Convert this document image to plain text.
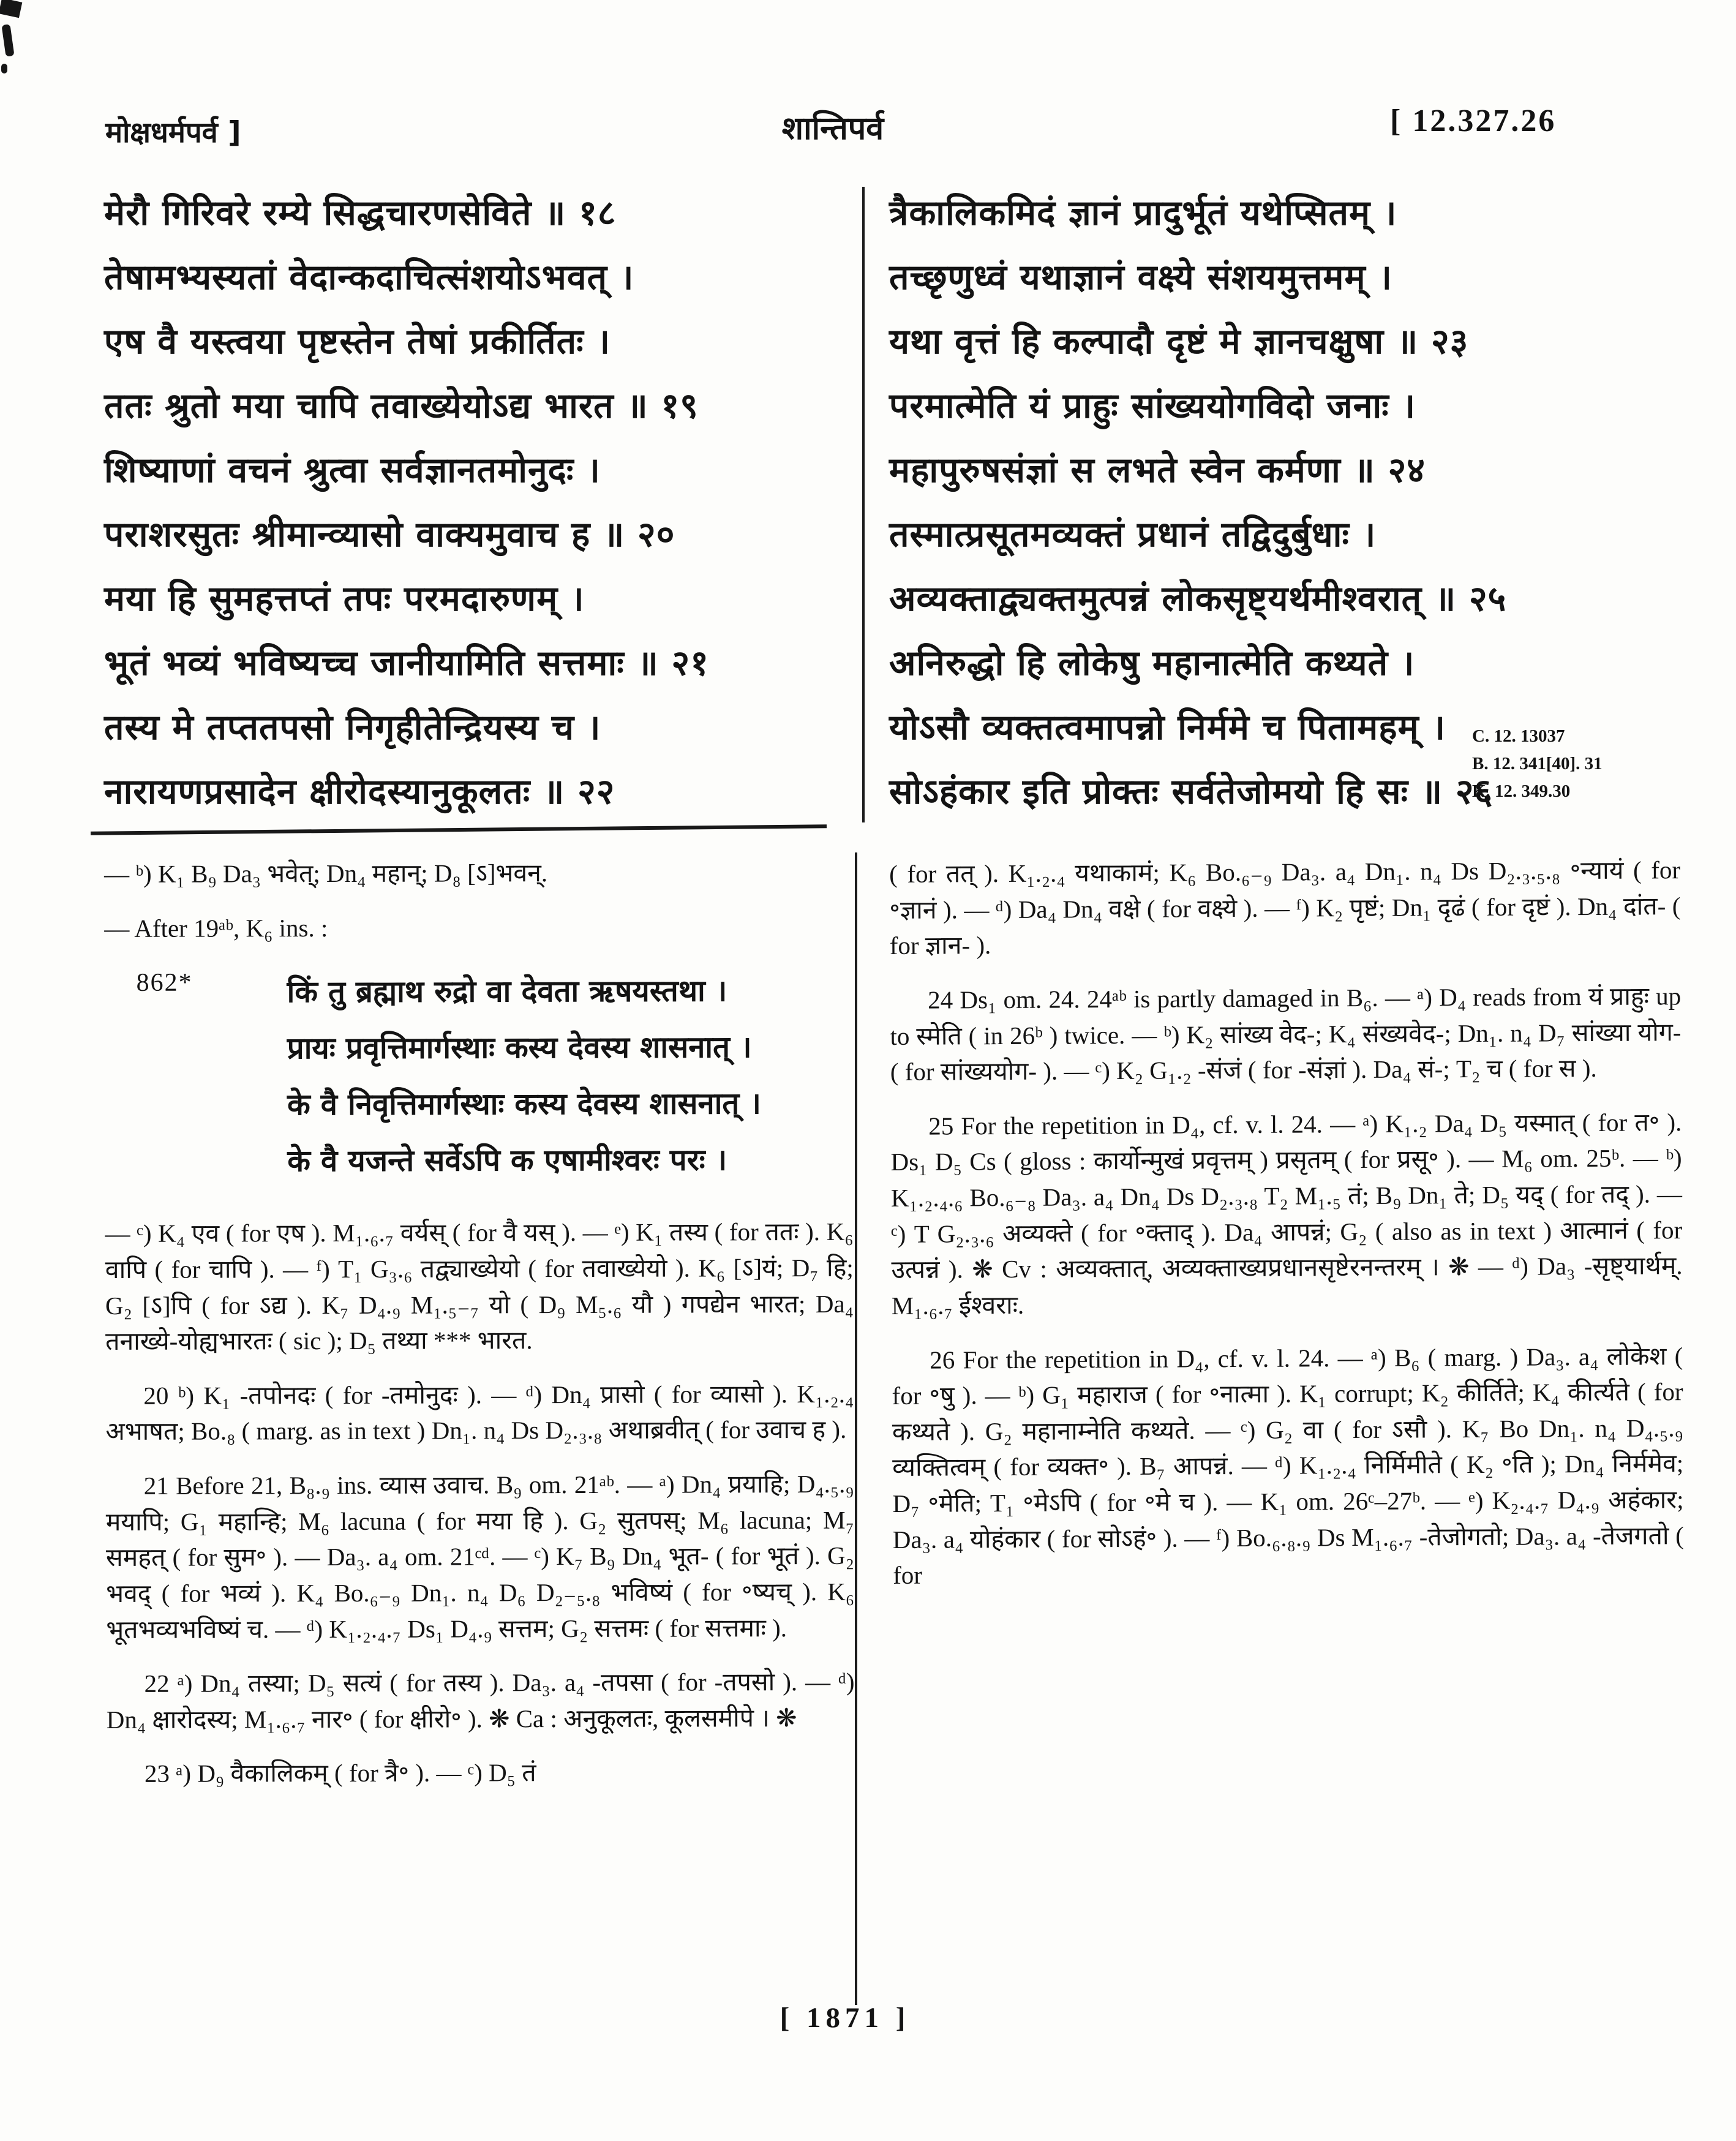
मोक्षधर्मपर्व ]	शान्तिपर्व	[ 12.327.26
मेरौ गिरिवरे रम्ये सिद्धचारणसेविते ॥ १८
तेषामभ्यस्यतां वेदान्कदाचित्संशयोऽभवत् ।
एष वै यस्त्वया पृष्टस्तेन तेषां प्रकीर्तितः ।
ततः श्रुतो मया चापि तवाख्येयोऽद्य भारत ॥ १९
शिष्याणां वचनं श्रुत्वा सर्वज्ञानतमोनुदः ।
पराशरसुतः श्रीमान्व्यासो वाक्यमुवाच ह ॥ २०
मया हि सुमहत्तप्तं तपः परमदारुणम् ।
भूतं भव्यं भविष्यच्च जानीयामिति सत्तमाः ॥ २१
तस्य मे तप्ततपसो निगृहीतेन्द्रियस्य च ।
नारायणप्रसादेन क्षीरोदस्यानुकूलतः ॥ २२
त्रैकालिकमिदं ज्ञानं प्रादुर्भूतं यथेप्सितम् ।
तच्छृणुध्वं यथाज्ञानं वक्ष्ये संशयमुत्तमम् ।
यथा वृत्तं हि कल्पादौ दृष्टं मे ज्ञानचक्षुषा ॥ २३
परमात्मेति यं प्राहुः सांख्ययोगविदो जनाः ।
महापुरुषसंज्ञां स लभते स्वेन कर्मणा ॥ २४
तस्मात्प्रसूतमव्यक्तं प्रधानं तद्विदुर्बुधाः ।
अव्यक्ताद्व्यक्तमुत्पन्नं लोकसृष्ट्यर्थमीश्वरात् ॥ २५
अनिरुद्धो हि लोकेषु महानात्मेति कथ्यते ।
योऽसौ व्यक्तत्वमापन्नो निर्ममे च पितामहम् ।
सोऽहंकार इति प्रोक्तः सर्वतेजोमयो हि सः ॥ २६
C. 12. 13037
B. 12. 341[40]. 31
K. 12. 349.30

— ᵇ) K₁ B₉ Da₃ भवेत्; Dn₄ महान्; D₈ [ऽ]भवन्.

— After 19ᵃᵇ, K₆ ins. :

862*	किं तु ब्रह्माथ रुद्रो वा देवता ऋषयस्तथा ।
प्रायः प्रवृत्तिमार्गस्थाः कस्य देवस्य शासनात् ।
के वै निवृत्तिमार्गस्थाः कस्य देवस्य शासनात् ।
के वै यजन्ते सर्वेऽपि क एषामीश्वरः परः ।

— ᶜ) K₄ एव ( for एष ). M₁.₆.₇ वर्यस् ( for वै यस् ). — ᵉ) K₁ तस्य ( for ततः ). K₆ वापि ( for चापि ). — ᶠ) T₁ G₃.₆ तद्व्याख्येयो ( for तवाख्येयो ). K₆ [ऽ]यं; D₇ हि; G₂ [ऽ]पि ( for ऽद्य ). K₇ D₄.₉ M₁.₅₋₇ यो ( D₉ M₅.₆ यौ ) गपद्येन भारत; Da₄ तनाख्ये-योह्यभारतः ( sic ); D₅ तथ्या *** भारत.

20 ᵇ) K₁ -तपोनदः ( for -तमोनुदः ). — ᵈ) Dn₄ प्रासो ( for व्यासो ). K₁.₂.₄ अभाषत; Bo.₈ ( marg. as in text ) Dn₁. n₄ Ds D₂.₃.₈ अथाब्रवीत् ( for उवाच ह ).

21 Before 21, B₈.₉ ins. व्यास उवाच. B₉ om. 21ᵃᵇ. — ᵃ) Dn₄ प्रयाहि; D₄.₅.₉ मयापि; G₁ महान्हि; M₆ lacuna ( for मया हि ). G₂ सुतपस्; M₆ lacuna; M₇ समहत् ( for सुम॰ ). — Da₃. a₄ om. 21ᶜᵈ. — ᶜ) K₇ B₉ Dn₄ भूत- ( for भूतं ). G₂ भवद् ( for भव्यं ). K₄ Bo.₆₋₉ Dn₁. n₄ D₆ D₂₋₅.₈ भविष्यं ( for ॰ष्यच् ). K₆ भूतभव्यभविष्यं च. — ᵈ) K₁.₂.₄.₇ Ds₁ D₄.₉ सत्तम; G₂ सत्तमः ( for सत्तमाः ).

22 ᵃ) Dn₄ तस्या; D₅ सत्यं ( for तस्य ). Da₃. a₄ -तपसा ( for -तपसो ). — ᵈ) Dn₄ क्षारोदस्य; M₁.₆.₇ नार॰ ( for क्षीरो॰ ). ❋ Ca : अनुकूलतः, कूलसमीपे । ❋

23 ᵃ) D₉ वैकालिकम् ( for त्रै॰ ). — ᶜ) D₅ तं

( for तत् ). K₁.₂.₄ यथाकामं; K₆ Bo.₆₋₉ Da₃. a₄ Dn₁. n₄ Ds D₂.₃.₅.₈ ॰न्यायं ( for ॰ज्ञानं ). — ᵈ) Da₄ Dn₄ वक्षे ( for वक्ष्ये ). — ᶠ) K₂ पृष्टं; Dn₁ दृढं ( for दृष्टं ). Dn₄ दांत- ( for ज्ञान- ).

24 Ds₁ om. 24. 24ᵃᵇ is partly damaged in B₆. — ᵃ) D₄ reads from यं प्राहुः up to स्मेति ( in 26ᵇ ) twice. — ᵇ) K₂ सांख्य वेद-; K₄ संख्यवेद-; Dn₁. n₄ D₇ सांख्या योग- ( for सांख्ययोग- ). — ᶜ) K₂ G₁.₂ -संजं ( for -संज्ञां ). Da₄ सं-; T₂ च ( for स ).

25 For the repetition in D₄, cf. v. l. 24. — ᵃ) K₁.₂ Da₄ D₅ यस्मात् ( for त॰ ). Ds₁ D₅ Cs ( gloss : कार्योन्मुखं प्रवृत्तम् ) प्रसृतम् ( for प्रसू॰ ). — M₆ om. 25ᵇ. — ᵇ) K₁.₂.₄.₆ Bo.₆₋₈ Da₃. a₄ Dn₄ Ds D₂.₃.₈ T₂ M₁.₅ तं; B₉ Dn₁ ते; D₅ यद् ( for तद् ). — ᶜ) T G₂.₃.₆ अव्यक्ते ( for ॰क्ताद् ). Da₄ आपन्नं; G₂ ( also as in text ) आत्मानं ( for उत्पन्नं ). ❋ Cv : अव्यक्तात्, अव्यक्ताख्यप्रधानसृष्टेरनन्तरम् । ❋ — ᵈ) Da₃ -सृष्ट्यार्थम्. M₁.₆.₇ ईश्वराः.

26 For the repetition in D₄, cf. v. l. 24. — ᵃ) B₆ ( marg. ) Da₃. a₄ लोकेश ( for ॰षु ). — ᵇ) G₁ महाराज ( for ॰नात्मा ). K₁ corrupt; K₂ कीर्तिते; K₄ कीर्त्यते ( for कथ्यते ). G₂ महानाम्नेति कथ्यते. — ᶜ) G₂ वा ( for ऽसौ ). K₇ Bo Dn₁. n₄ D₄.₅.₉ व्यक्तित्वम् ( for व्यक्त॰ ). B₇ आपन्नं. — ᵈ) K₁.₂.₄ निर्मिमीते ( K₂ ॰ति ); Dn₄ निर्ममेव; D₇ ॰मेति; T₁ ॰मेऽपि ( for ॰मे च ). — K₁ om. 26ᶜ–27ᵇ. — ᵉ) K₂.₄.₇ D₄.₉ अहंकार; Da₃. a₄ योहंकार ( for सोऽहं॰ ). — ᶠ) Bo.₆.₈.₉ Ds M₁.₆.₇ -तेजोगतो; Da₃. a₄ -तेजगतो ( for

[ 1871 ]
